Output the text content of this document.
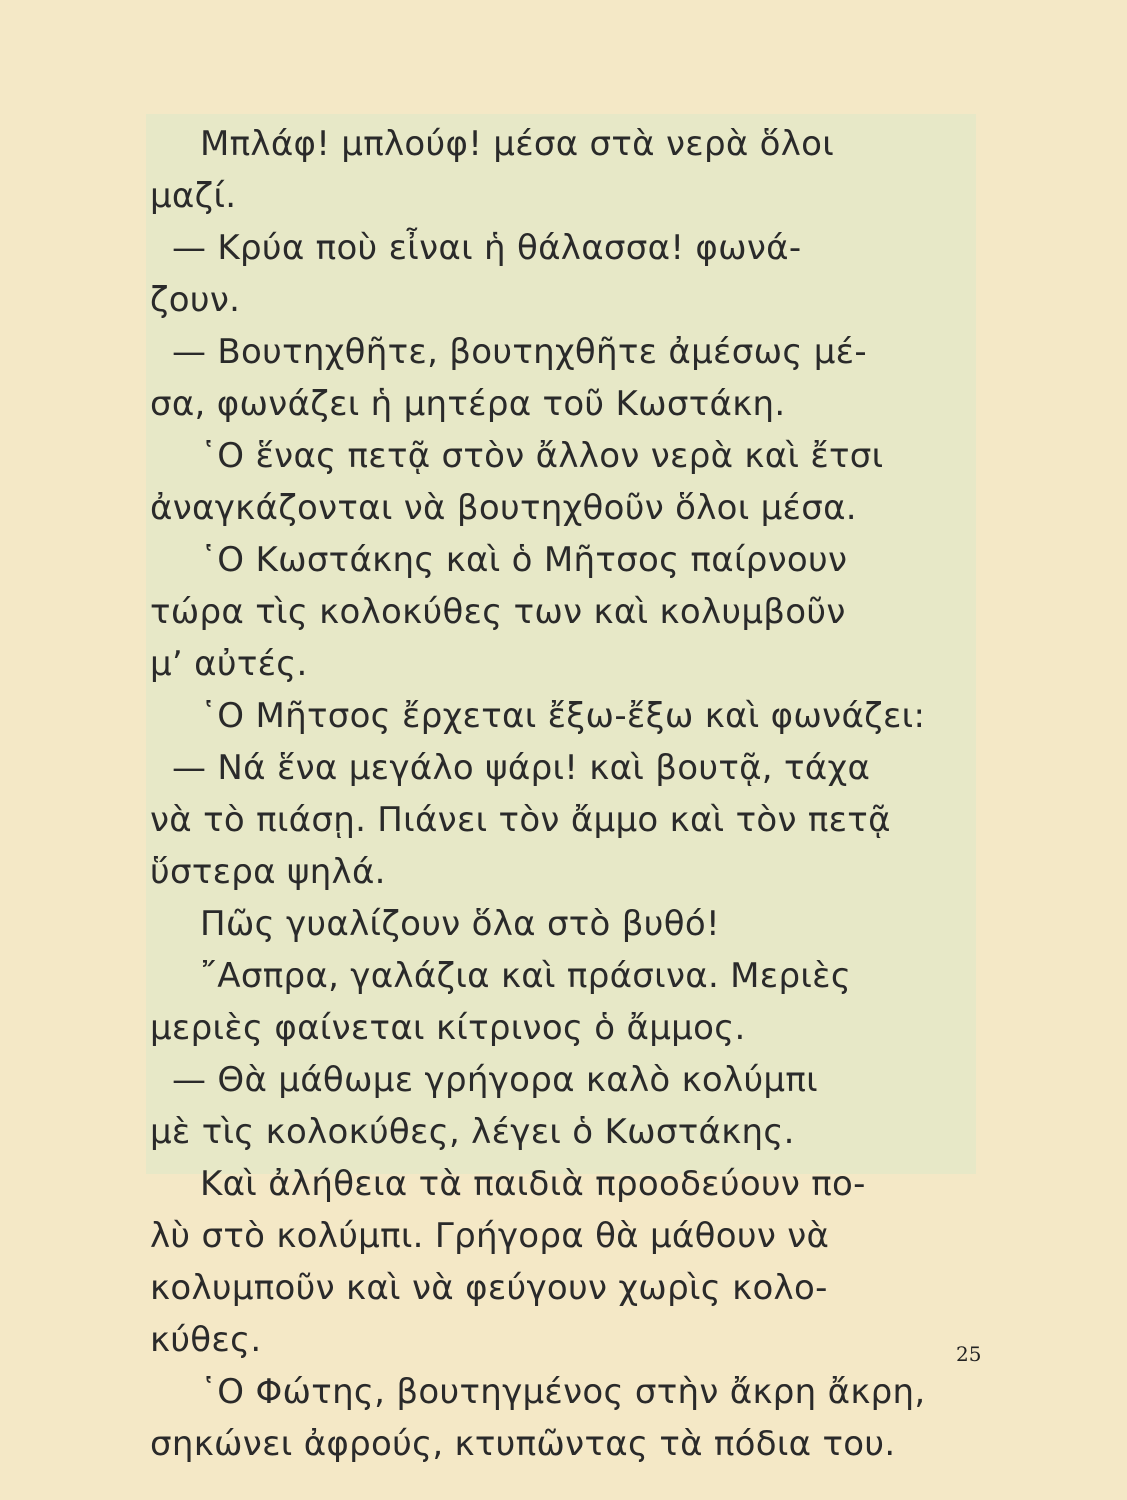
Μπλάφ! μπλούφ! μέσα στὰ νερὰ ὅλοι
μαζί.
— Κρύα ποὺ εἶναι ἡ θάλασσα! φωνά-
ζουν.
— Βουτηχθῆτε, βουτηχθῆτε ἀμέσως μέ-
σα, φωνάζει ἡ μητέρα τοῦ Κωστάκη.
῾Ο ἕνας πετᾷ στὸν ἄλλον νερὰ καὶ ἔτσι
ἀναγκάζονται νὰ βουτηχθοῦν ὅλοι μέσα.
῾Ο Κωστάκης καὶ ὁ Μῆτσος παίρνουν
τώρα τὶς κολοκύθες των καὶ κολυμβοῦν
μ’ αὐτές.
῾Ο Μῆτσος ἔρχεται ἔξω-ἔξω καὶ φωνάζει:
— Νά ἕνα μεγάλο ψάρι! καὶ βουτᾷ, τάχα
νὰ τὸ πιάσῃ. Πιάνει τὸν ἄμμο καὶ τὸν πετᾷ
ὕστερα ψηλά.
Πῶς γυαλίζουν ὅλα στὸ βυθό!
῎Ασπρα, γαλάζια καὶ πράσινα. Μεριὲς
μεριὲς φαίνεται κίτρινος ὁ ἄμμος.
— Θὰ μάθωμε γρήγορα καλὸ κολύμπι
μὲ τὶς κολοκύθες, λέγει ὁ Κωστάκης.
Καὶ ἀλήθεια τὰ παιδιὰ προοδεύουν πο-
λὺ στὸ κολύμπι. Γρήγορα θὰ μάθουν νὰ
κολυμποῦν καὶ νὰ φεύγουν χωρὶς κολο-
κύθες.
῾Ο Φώτης, βουτηγμένος στὴν ἄκρη ἄκρη,
σηκώνει ἀφρούς, κτυπῶντας τὰ πόδια του.
25
